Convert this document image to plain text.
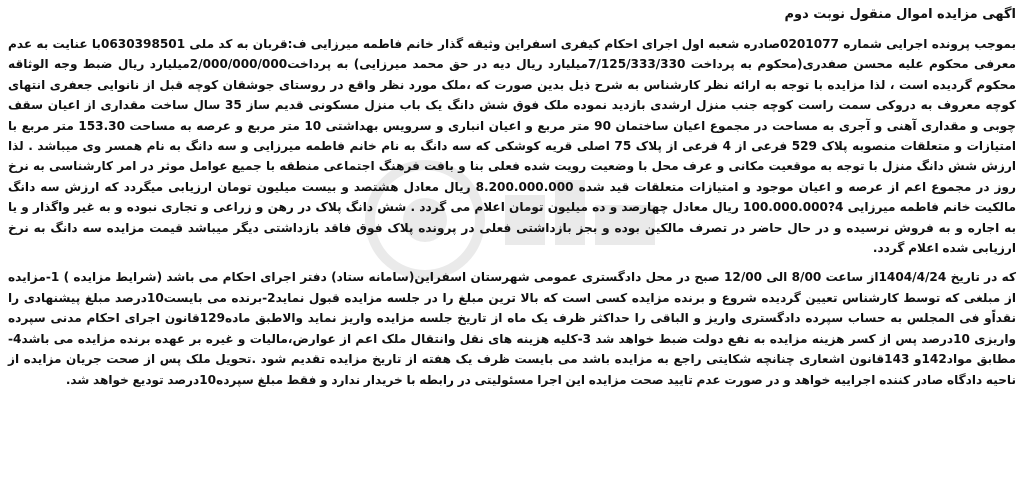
اگهی مزایده اموال منقول نوبت دوم

بموجب پرونده اجرایی شماره 0201077صادره شعبه اول اجرای احکام کیفری اسفراین وثیقه گذار خانم فاطمه میرزایی ف:قربان به کد ملی 0630398501با عنایت به عدم معرفی محکوم علیه محسن صفدری(محکوم به پرداخت 7/125/333/330میلیارد ریال دیه در حق محمد میرزایی) به پرداخت2/000/000/000میلیارد ریال ضبط وجه الوثاقه محکوم گردیده است ، لذا مزایده با توجه به ارائه نظر کارشناس به شرح ذیل بدین صورت که ،ملک مورد نظر واقع در روستای جوشقان کوچه قبل از نانوایی جعفری انتهای کوچه معروف به دروکی سمت راست کوچه جنب منزل ارشدی بازدید نموده ملک فوق شش دانگ یک باب منزل مسکونی قدیم ساز 35 سال ساخت مقداری از اعیان سقف چوبی و مقداری آهنی و آجری به مساحت در مجموع اعیان ساختمان 90 متر مربع و اعیان انباری و سرویس بهداشتی 10 متر مربع و عرصه به مساحت 153.30 متر مربع با امتیازات و متعلقات منصوبه پلاک 529 فرعی از 4 فرعی از پلاک 75 اصلی قریه کوشکی که سه دانگ به نام خانم فاطمه میرزایی و سه دانگ به نام همسر وی میباشد . لذا ارزش شش دانگ منزل با توجه به موقعیت مکانی و عرف محل با وضعیت رویت شده فعلی بنا و بافت فرهنگ اجتماعی منطقه با جمیع عوامل موثر در امر کارشناسی به نرخ روز در مجموع اعم از عرصه و اعیان موجود و امتیازات متعلقات قید شده 8.200.000.000 ریال معادل هشتصد و بیست میلیون تومان ارزیابی میگردد که ارزش سه دانگ مالکیت خانم فاطمه میرزایی 4?100.000.000 ریال معادل چهارصد و ده میلیون تومان اعلام می گردد . شش دانگ پلاک در رهن و زراعی و تجاری نبوده و به غیر واگذار و یا به اجاره و به فروش نرسیده و در حال حاضر در تصرف مالکین بوده و بجز بازداشتی فعلی در پرونده پلاک فوق فاقد بازداشتی دیگر میباشد قیمت مزایده سه دانگ به نرخ ارزیابی شده اعلام گردد.

که در تاریخ 1404/4/24از ساعت 8/00 الی 12/00 صبح در محل دادگستری عمومی شهرستان اسفراین(سامانه ستاد) دفتر اجرای احکام می باشد (شرایط مزایده ) 1-مزایده از مبلغی که توسط کارشناس تعیین گردیده شروع و برنده مزایده کسی است که بالا ترین مبلغ را در جلسه مزایده قبول نماید2-برنده می بایست10درصد مبلغ پیشنهادی را نقداًو فی المجلس به حساب سپرده دادگستری واریز و الباقی را حداکثر ظرف یک ماه از تاریخ جلسه مزایده واریز نماید والاطبق ماده129قانون اجرای احکام مدنی سپرده واریزی 10درصد پس از کسر هزینه مزایده به نفع دولت ضبط خواهد شد 3-کلیه هزینه های نقل وانتقال ملک اعم از عوارض،مالیات و غیره بر عهده برنده مزایده می باشد4-مطابق مواد142و 143قانون اشعاری چنانچه شکایتی راجع به مزایده باشد می بایست ظرف یک هفته از تاریخ مزایده تقدیم شود .تحویل ملک پس از صحت جریان مزایده از ناحیه دادگاه صادر کننده اجراییه خواهد و در صورت عدم تایید صحت مزایده این اجرا مسئولیتی در رابطه با خریدار ندارد و فقط مبلغ سپرده10درصد تودیع خواهد شد.
